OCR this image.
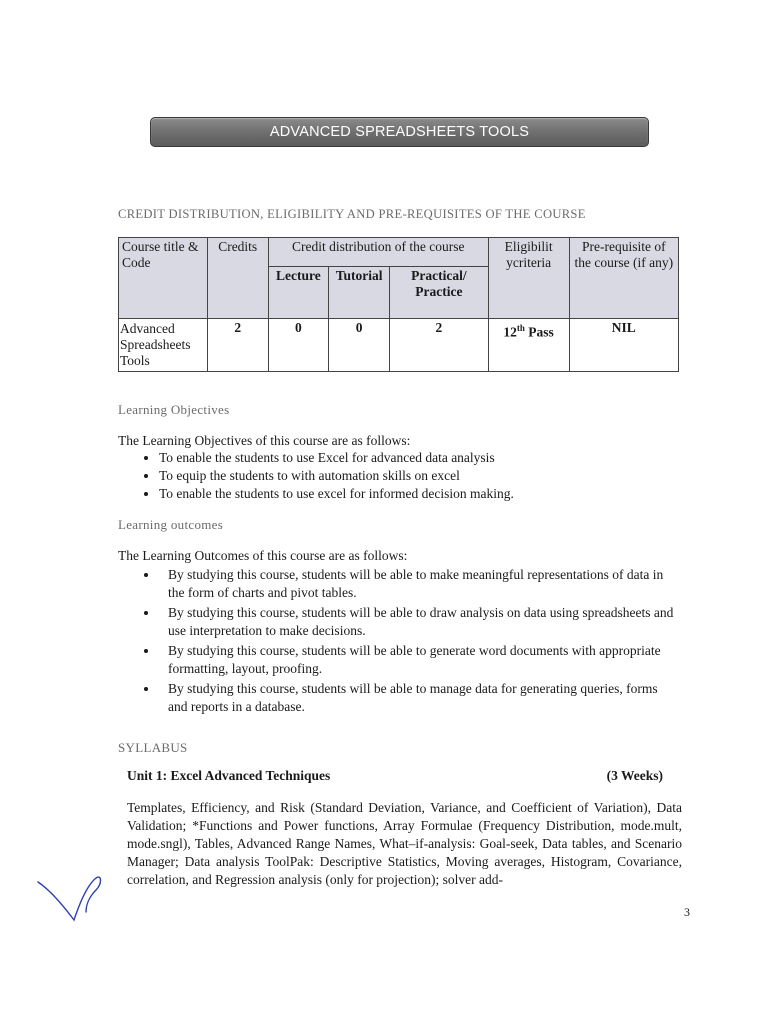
ADVANCED SPREADSHEETS TOOLS
CREDIT DISTRIBUTION, ELIGIBILITY AND PRE-REQUISITES OF THE COURSE
Course title & Code	Credits	Credit distribution of the course			Eligibilit ycriteria	Pre-requisite of the course (if any)
		Lecture	Tutorial	Practical/ Practice		
Advanced Spreadsheets Tools	2	0	0	2	12th Pass	NIL
Learning Objectives
The Learning Objectives of this course are as follows:
• To enable the students to use Excel for advanced data analysis
• To equip the students to with automation skills on excel
• To enable the students to use excel for informed decision making.
Learning outcomes
The Learning Outcomes of this course are as follows:
• By studying this course, students will be able to make meaningful representations of data in the form of charts and pivot tables.
• By studying this course, students will be able to draw analysis on data using spreadsheets and use interpretation to make decisions.
• By studying this course, students will be able to generate word documents with appropriate formatting, layout, proofing.
• By studying this course, students will be able to manage data for generating queries, forms and reports in a database.
SYLLABUS
Unit 1: Excel Advanced Techniques	(3 Weeks)
Templates, Efficiency, and Risk (Standard Deviation, Variance, and Coefficient of Variation), Data Validation; *Functions and Power functions, Array Formulae (Frequency Distribution, mode.mult, mode.sngl), Tables, Advanced Range Names, What–if-analysis: Goal-seek, Data tables, and Scenario Manager; Data analysis ToolPak: Descriptive Statistics, Moving averages, Histogram, Covariance, correlation, and Regression analysis (only for projection); solver add-
3
